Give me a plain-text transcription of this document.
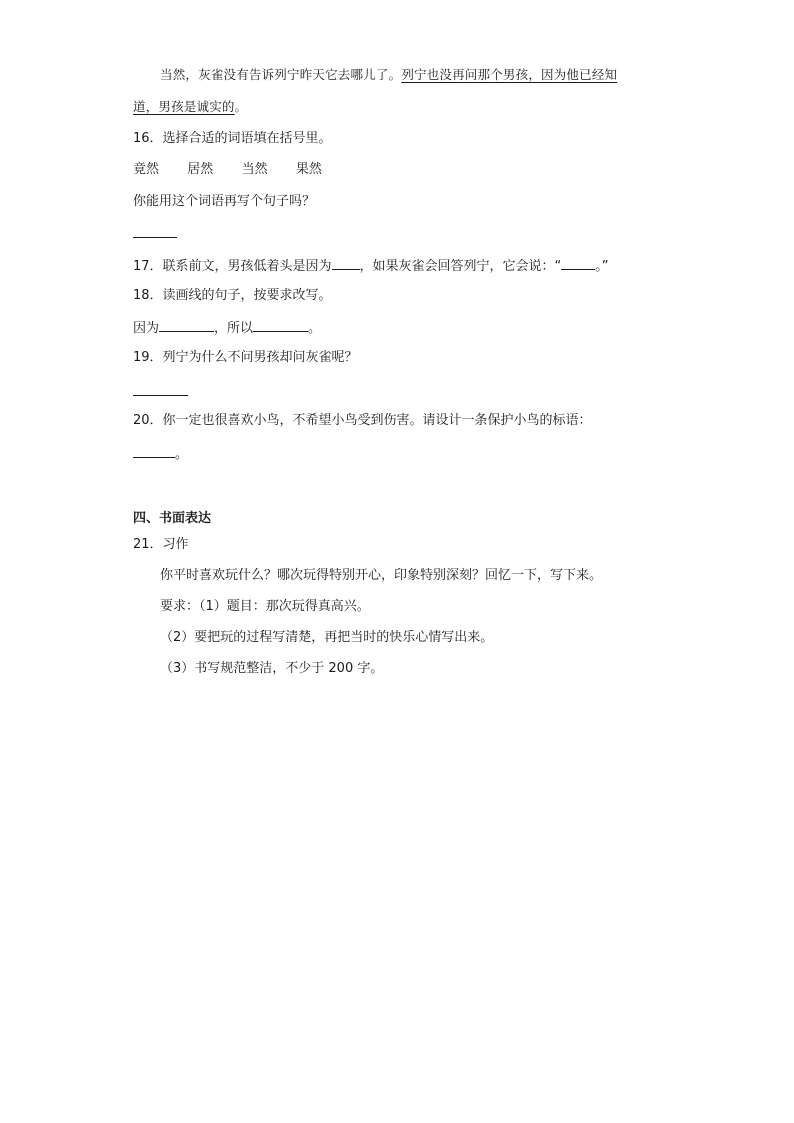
当然，灰雀没有告诉列宁昨天它去哪儿了。列宁也没再问那个男孩，因为他已经知
道，男孩是诚实的。
16．选择合适的词语填在括号里。
竟然 居然 当然 果然
你能用这个词语再写个句子吗？
17．联系前文，男孩低着头是因为 ，如果灰雀会回答列宁，它会说：“	。”
18．读画线的句子，按要求改写。
因为	，所以	。
19．列宁为什么不问男孩却问灰雀呢？
20．你一定也很喜欢小鸟，不希望小鸟受到伤害。请设计一条保护小鸟的标语：
。
四、书面表达
21．习作
你平时喜欢玩什么？哪次玩得特别开心，印象特别深刻？回忆一下，写下来。
要求：（1）题目：那次玩得真高兴。
（2）要把玩的过程写清楚，再把当时的快乐心情写出来。
（3）书写规范整洁，不少于 200 字。
